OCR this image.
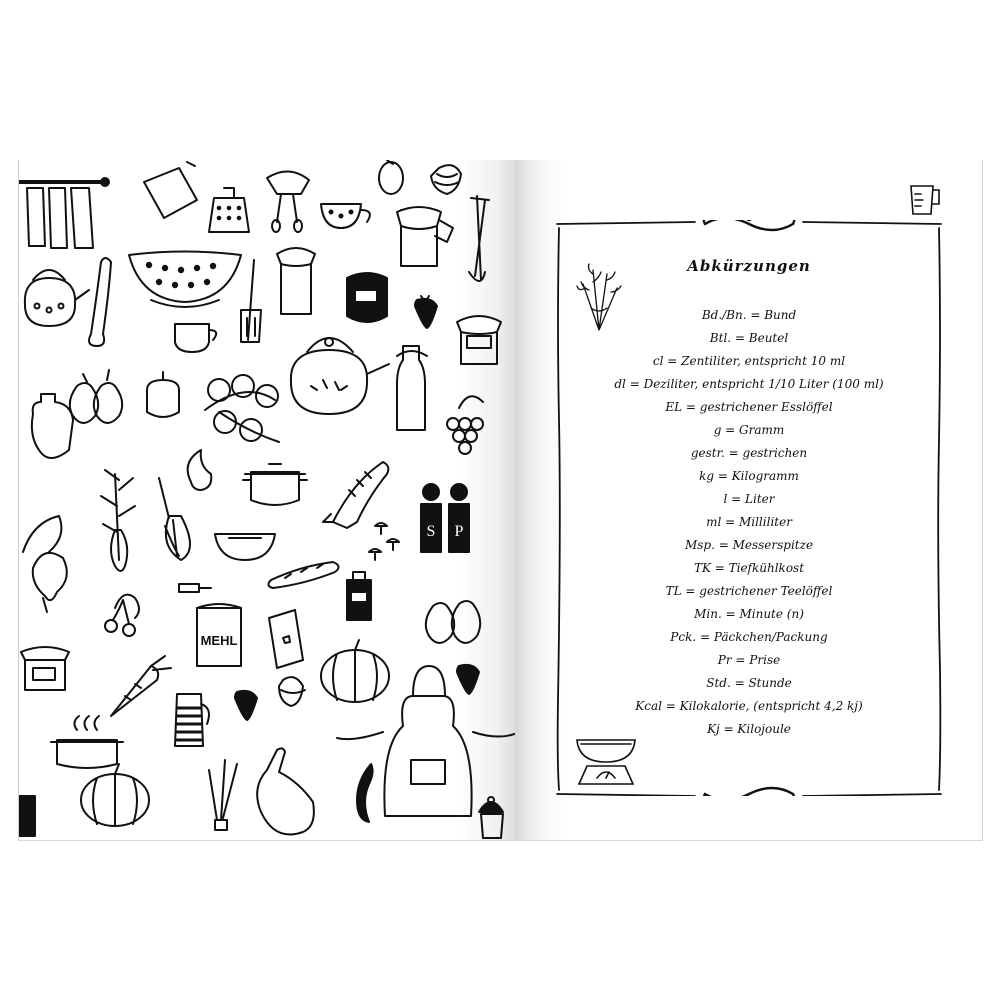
S P
MEHL
Abkürzungen
Bd./Bn. = Bund
Btl. = Beutel
cl = Zentiliter, entspricht 10 ml
dl = Deziliter, entspricht 1/10 Liter (100 ml)
EL = gestrichener Esslöffel
g = Gramm
gestr. = gestrichen
kg = Kilogramm
l = Liter
ml = Milliliter
Msp. = Messerspitze
TK = Tiefkühlkost
TL = gestrichener Teelöffel
Min. = Minute (n)
Pck. = Päckchen/Packung
Pr = Prise
Std. = Stunde
Kcal = Kilokalorie, (entspricht 4,2 kj)
Kj = Kilojoule
